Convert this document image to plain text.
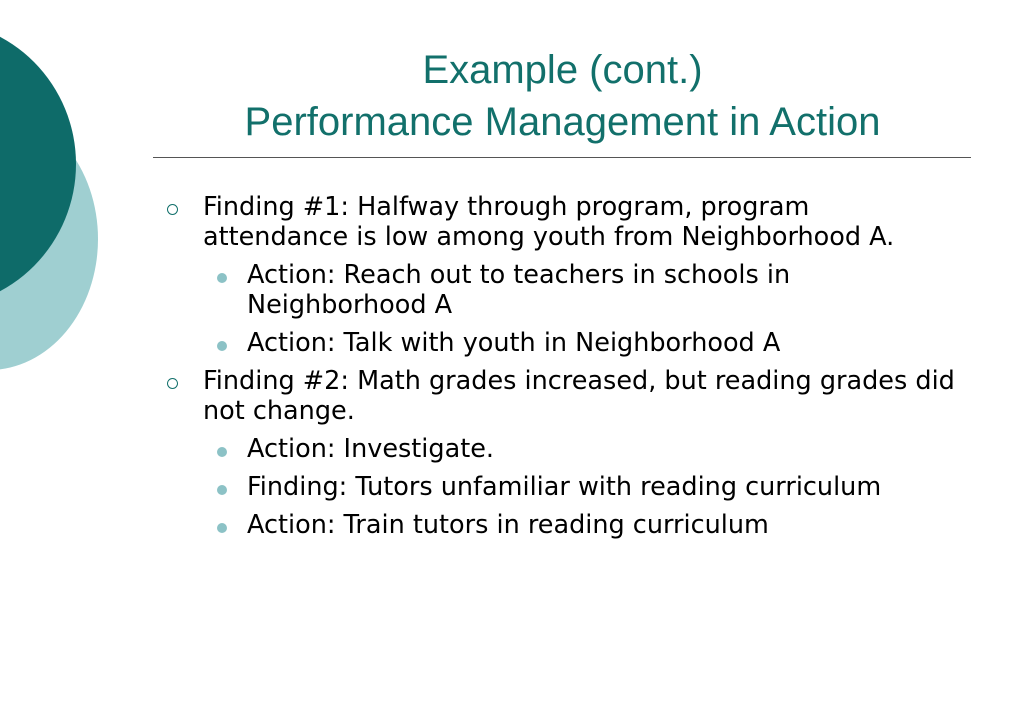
Example (cont.)
Performance Management in Action
Finding #1: Halfway through program, program attendance is low among youth from Neighborhood A.
Action: Reach out to teachers in schools in Neighborhood A
Action: Talk with youth in Neighborhood A
Finding #2: Math grades increased, but reading grades did not change.
Action: Investigate.
Finding: Tutors unfamiliar with reading curriculum
Action: Train tutors in reading curriculum
